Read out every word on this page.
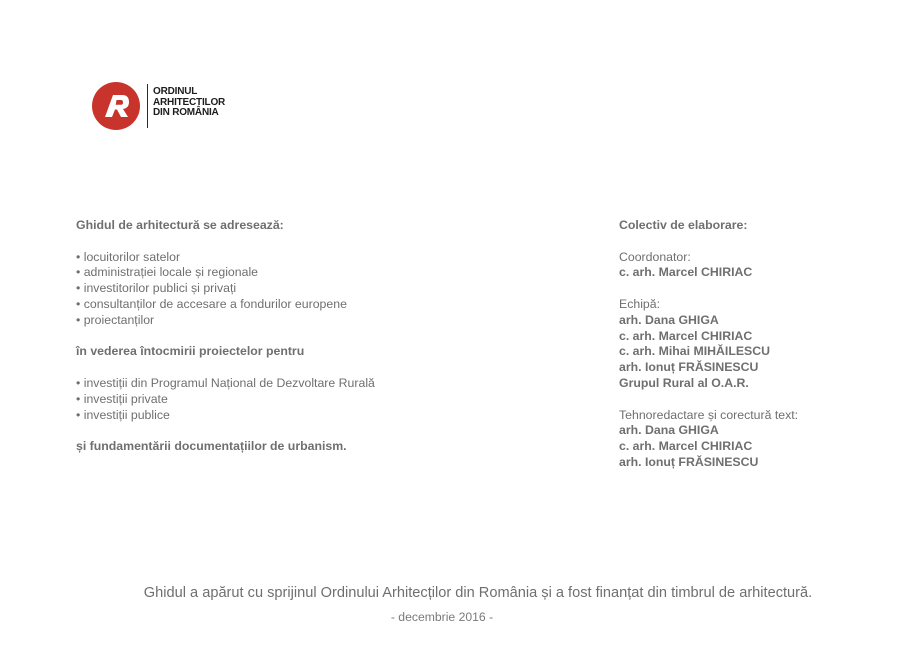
ORDINUL
ARHITECTILOR
DIN ROMÂNIA
Ghidul de arhitectură se adresează:
• locuitorilor satelor
• administrației locale și regionale
• investitorilor publici și privați
• consultanților de accesare a fondurilor europene
• proiectanților
în vederea întocmirii proiectelor pentru
• investiții din Programul Național de Dezvoltare Rurală
• investiții private
• investiții publice
și fundamentării documentațiilor de urbanism.
Colectiv de elaborare:
Coordonator:
c. arh. Marcel CHIRIAC
Echipă:
arh. Dana GHIGA
c. arh. Marcel CHIRIAC
c. arh. Mihai MIHĂILESCU
arh. Ionuț FRĂSINESCU
Grupul Rural al O.A.R.
Tehnoredactare și corectură text:
arh. Dana GHIGA
c. arh. Marcel CHIRIAC
arh. Ionuț FRĂSINESCU
Ghidul a apărut cu sprijinul Ordinului Arhitecților din România și a fost finanțat din timbrul de arhitectură.
- decembrie 2016 -
